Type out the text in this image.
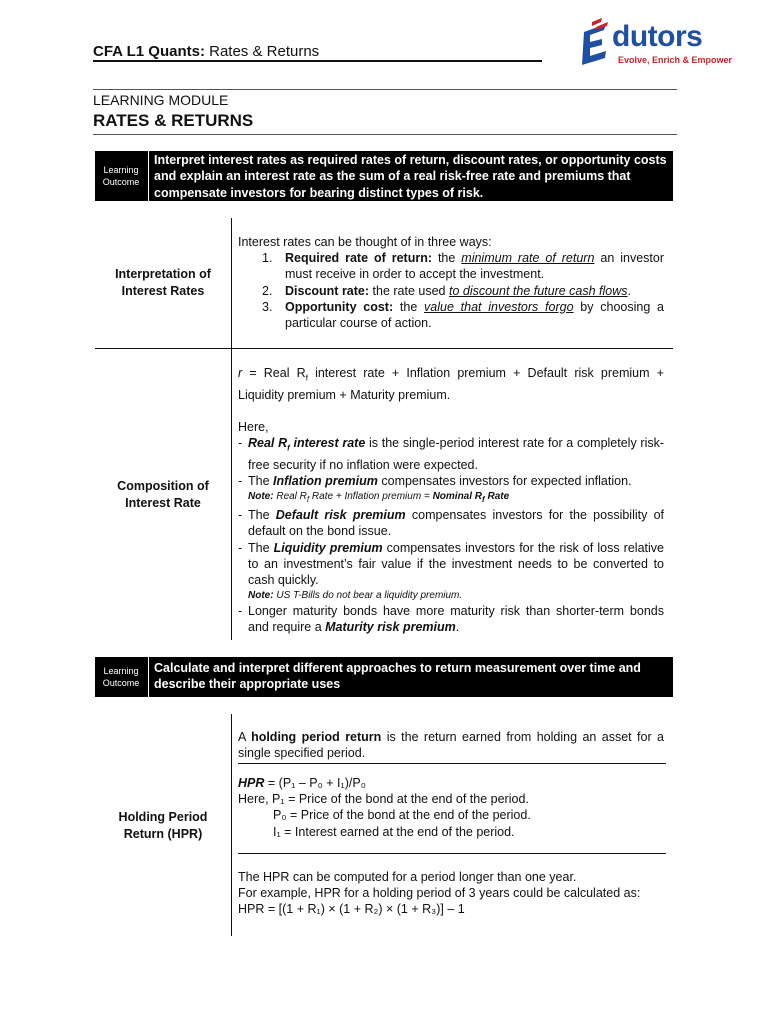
CFA L1 Quants: Rates & Returns	dutors
Evolve, Enrich & Empower
LEARNING MODULE
RATES & RETURNS
Learning
Outcome
Interpret interest rates as required rates of return, discount rates, or opportunity costs and explain an interest rate as the sum of a real risk-free rate and premiums that compensate investors for bearing distinct types of risk.
Interpretation of
Interest Rates

Interest rates can be thought of in three ways:

1. Required rate of return: the minimum rate of return an investor must receive in order to accept the investment.
2. Discount rate: the rate used to discount the future cash flows.
3. Opportunity cost: the value that investors forgo by choosing a particular course of action.
Composition of
Interest Rate

r = Real $R_f$ interest rate + Inflation premium + Default risk premium + Liquidity premium + Maturity premium.

Here,

- Real $R_f$ interest rate is the single-period interest rate for a completely risk-free security if no inflation were expected.
- The Inflation premium compensates investors for expected inflation.
Note: Real $R_f$ Rate + Inflation premium = Nominal $R_f$ Rate
- The Default risk premium compensates investors for the possibility of default on the bond issue.
- The Liquidity premium compensates investors for the risk of loss relative to an investment’s fair value if the investment needs to be converted to cash quickly.
Note: US T-Bills do not bear a liquidity premium.
- Longer maturity bonds have more maturity risk than shorter-term bonds and require a Maturity risk premium.
Learning
Outcome
Calculate and interpret different approaches to return measurement over time and describe their appropriate uses
Holding Period
Return (HPR)
A holding period return is the return earned from holding an asset for a single specified period.

HPR = (P₁ – P₀ + I₁)/P₀

Here, P₁ = Price of the bond at the end of the period.

P₀ = Price of the bond at the end of the period.

I₁ = Interest earned at the end of the period.

The HPR can be computed for a period longer than one year.

For example, HPR for a holding period of 3 years could be calculated as:

HPR = [(1 + R₁) × (1 + R₂) × (1 + R₃)] – 1
